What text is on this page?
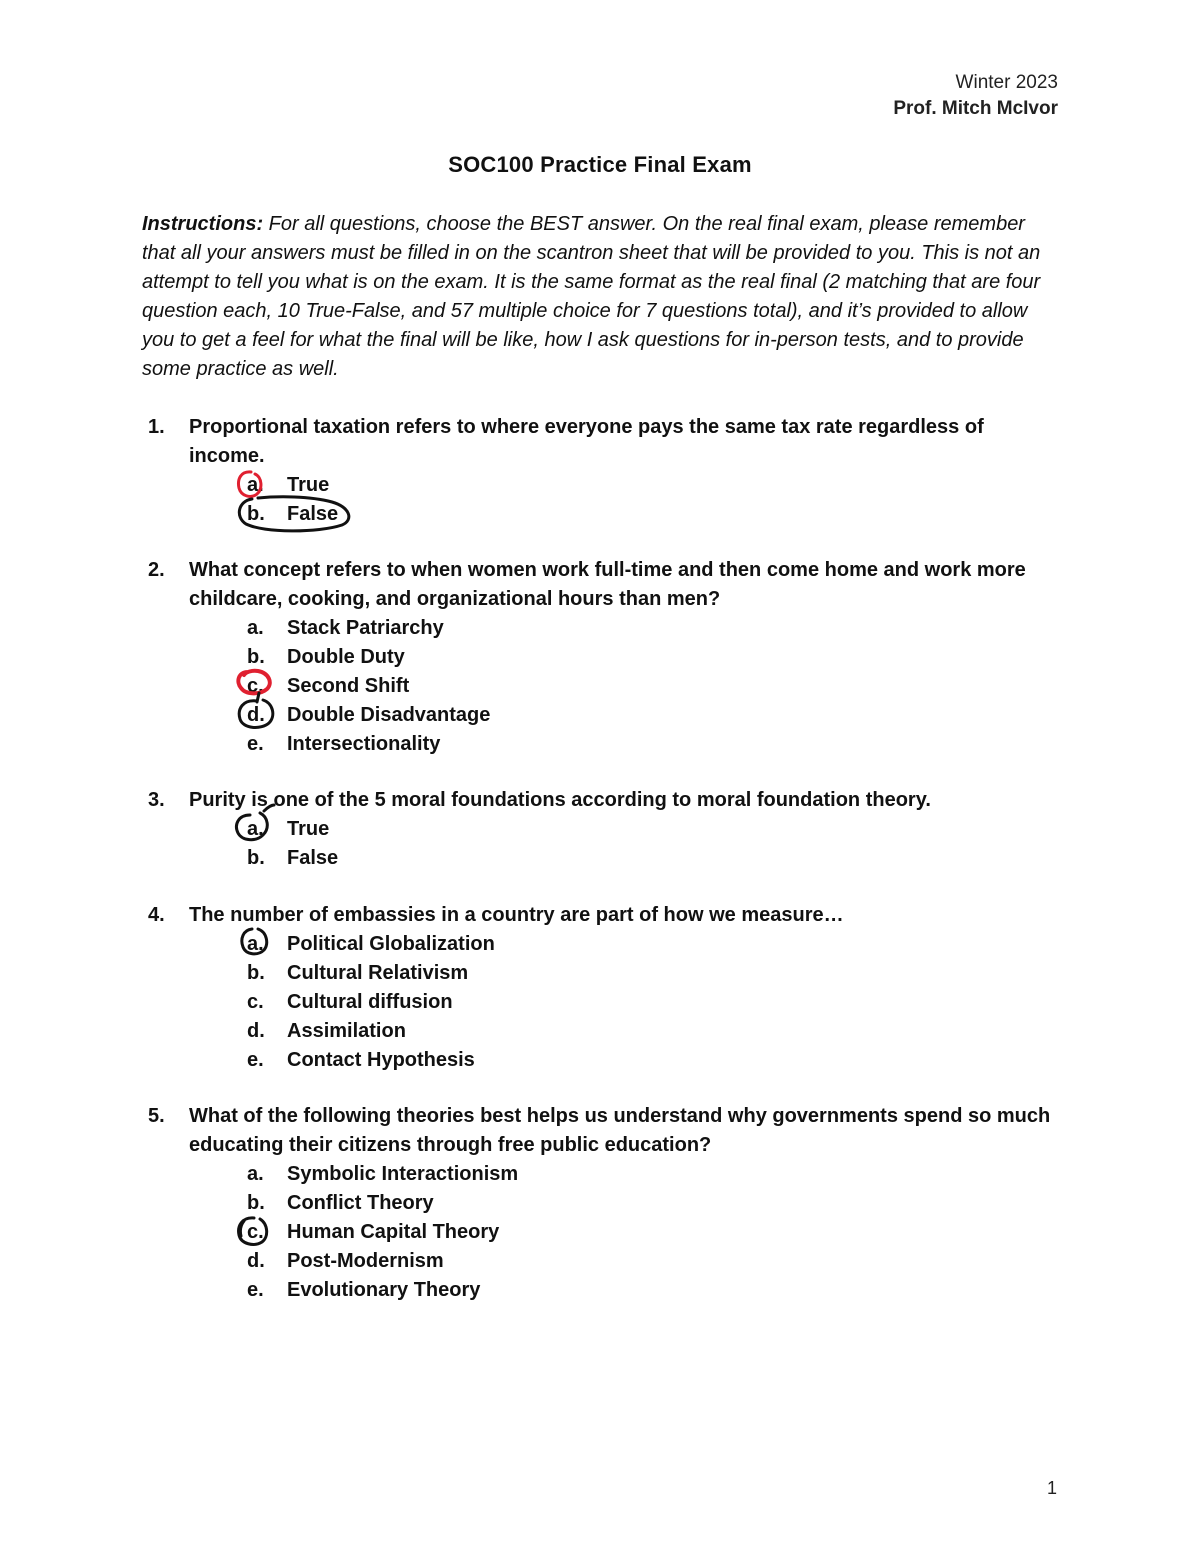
Winter 2023
Prof. Mitch McIvor
SOC100 Practice Final Exam
Instructions: For all questions, choose the BEST answer. On the real final exam, please remember that all your answers must be filled in on the scantron sheet that will be provided to you. This is not an attempt to tell you what is on the exam. It is the same format as the real final (2 matching that are four question each, 10 True-False, and 57 multiple choice for 7 questions total), and it’s provided to allow you to get a feel for what the final will be like, how I ask questions for in-person tests, and to provide some practice as well.
1.	Proportional taxation refers to where everyone pays the same tax rate regardless of income.
a.	True
b.	False
2.	What concept refers to when women work full-time and then come home and work more childcare, cooking, and organizational hours than men?
a.	Stack Patriarchy
b.	Double Duty
c.	Second Shift
d.	Double Disadvantage
e.	Intersectionality
3.	Purity is one of the 5 moral foundations according to moral foundation theory.
a.	True
b.	False
4.	The number of embassies in a country are part of how we measure…
a.	Political Globalization
b.	Cultural Relativism
c.	Cultural diffusion
d.	Assimilation
e.	Contact Hypothesis
5.	What of the following theories best helps us understand why governments spend so much educating their citizens through free public education?
a.	Symbolic Interactionism
b.	Conflict Theory
c.	Human Capital Theory
d.	Post-Modernism
e.	Evolutionary Theory
1
